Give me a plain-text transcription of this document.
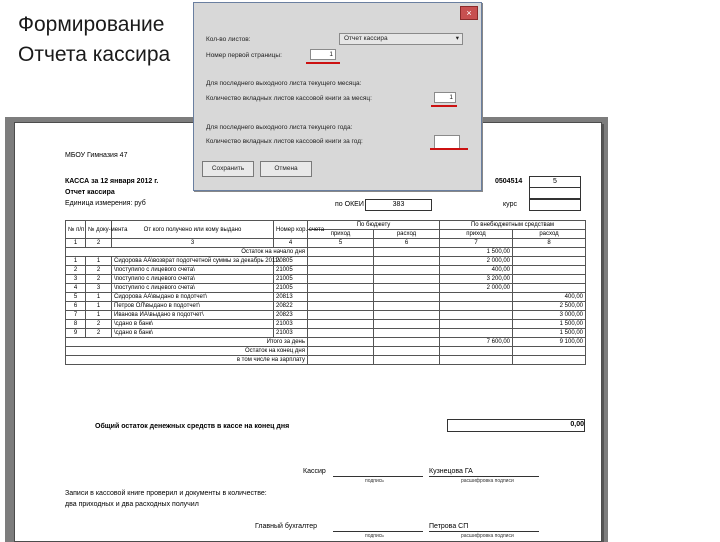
Формирование
Отчета кассира
МБОУ Гимназия 47
КАССА за 12 января 2012 г.
Отчет кассира
Единица измерения: руб
0504514	5
по ОКЕИ	383	курс
№ п/п	№ доку-мента	От кого получено или кому выдано	Номер кор. счета	По бюджету		По внебюджетным средствам	
				приход	расход	приход	расход
1	2	3	4	5	6	7	8
Остаток на начало дня						1 500,00	
1	1	Сидорова АА\возврат подотчетной суммы за декабрь 2011\	20805			2 000,00	
2	2	\поступило с лицевого счета\	21005			400,00	
3	2	\поступило с лицевого счета\	21005			3 200,00	
4	3	\поступило с лицевого счета\	21005			2 000,00	
5	1	Сидорова АА\выдано в подотчет\	20813				400,00
6	1	Петров ОЛ\выдано в подотчет\	20822				2 500,00
7	1	Иванова ИА\выдано в подотчет\	20823				3 000,00
8	2	\сдано в банк\	21003				1 500,00
9	2	\сдано в банк\	21003				1 500,00
Итого за день						7 600,00	9 100,00
Остаток на конец дня							
в том числе на зарплату							
Общий остаток денежных средств в кассе на конец дня	0,00
Кассир
подпись
Кузнецова ГА
расшифровка подписи
Записи в кассовой книге проверил и документы в количестве:
два приходных и два расходных получил
Главный бухгалтер
подпись
Петрова СП
расшифровка подписи
×
Кол-во листов:	Отчет кассира	▾
Номер первой страницы:	1
Для последнего выходного листа текущего месяца:
Количество вкладных листов кассовой книги за месяц:	1
Для последнего выходного листа текущего года:
Количество вкладных листов кассовой книги за год:
Сохранить	Отмена
